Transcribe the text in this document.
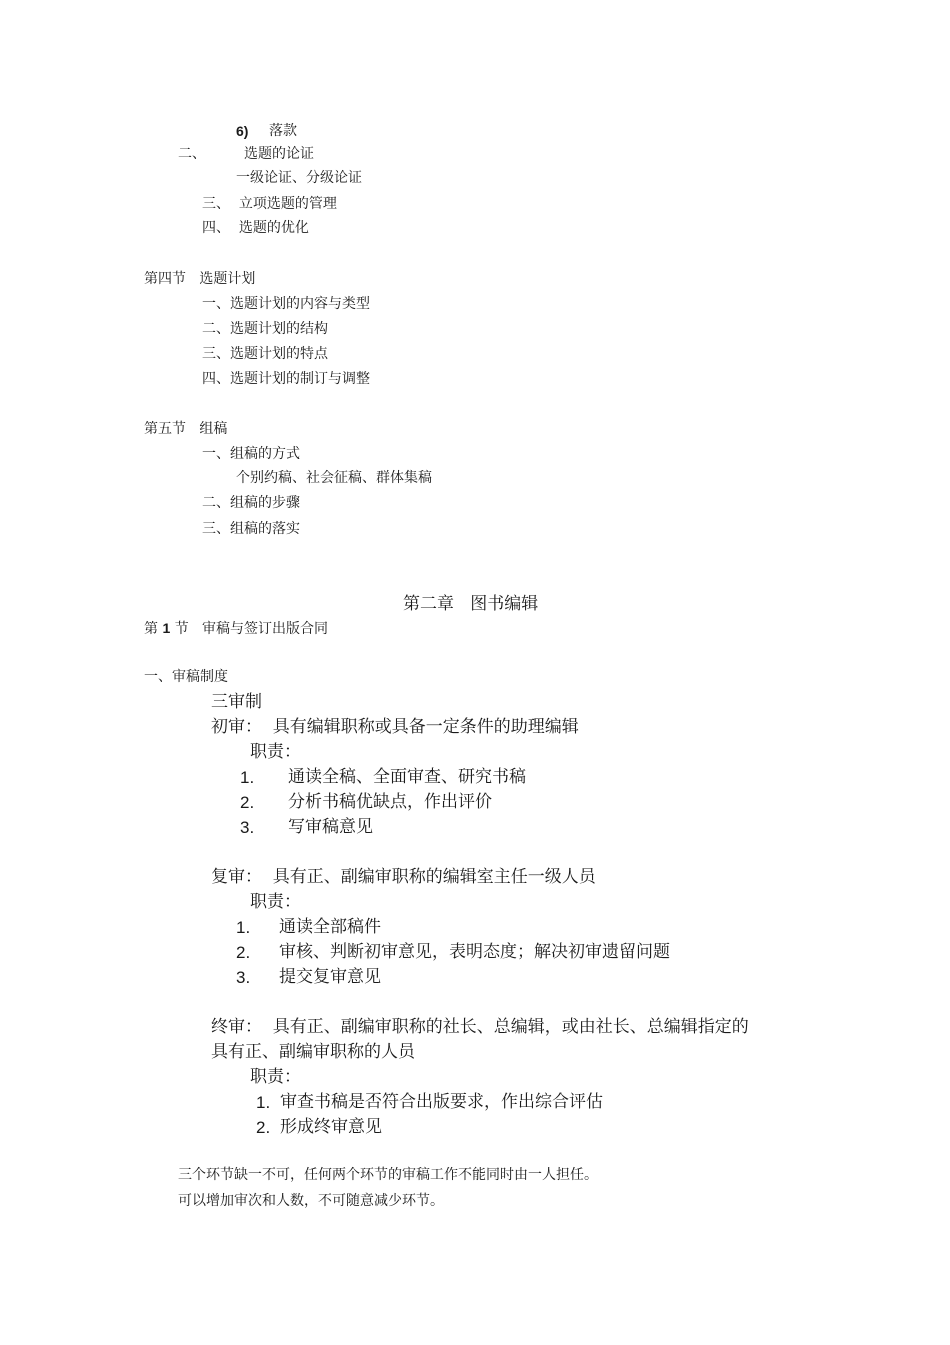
6) 落款
二、	选题的论证
一级论证、分级论证
三、  立项选题的管理
四、  选题的优化
第四节   选题计划
一、选题计划的内容与类型
二、选题计划的结构
三、选题计划的特点
四、选题计划的制订与调整
第五节   组稿
一、组稿的方式
个别约稿、社会征稿、群体集稿
二、组稿的步骤
三、组稿的落实
第二章   图书编辑
第 1 节   审稿与签订出版合同
一、审稿制度
三审制
初审：  具有编辑职称或具备一定条件的助理编辑
职责：
1. 通读全稿、全面审查、研究书稿
2. 分析书稿优缺点，作出评价
3. 写审稿意见
复审：  具有正、副编审职称的编辑室主任一级人员
职责：
1. 通读全部稿件
2. 审核、判断初审意见，表明态度；解决初审遗留问题
3. 提交复审意见
终审：  具有正、副编审职称的社长、总编辑，或由社长、总编辑指定的
具有正、副编审职称的人员
职责：
1. 审查书稿是否符合出版要求，作出综合评估
2. 形成终审意见
三个环节缺一不可，任何两个环节的审稿工作不能同时由一人担任。
可以增加审次和人数，不可随意减少环节。
